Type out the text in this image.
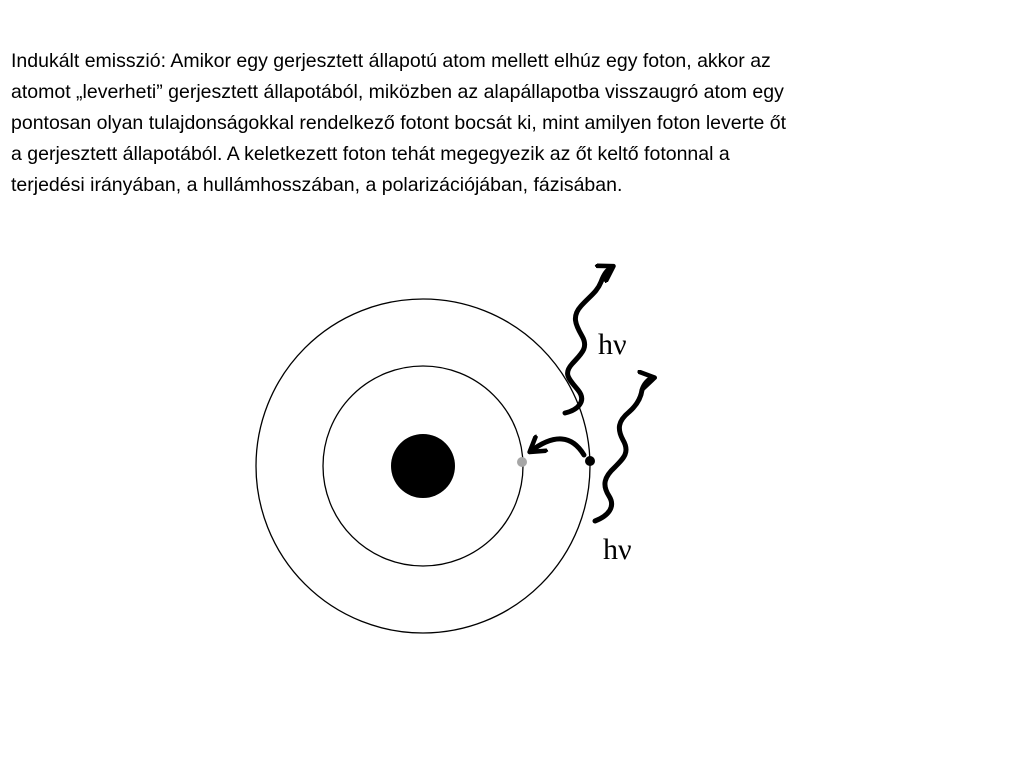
Indukált emisszió: Amikor egy gerjesztett állapotú atom mellett elhúz egy foton, akkor az
atomot „leverheti” gerjesztett állapotából, miközben az alapállapotba visszaugró atom egy
pontosan olyan tulajdonságokkal rendelkező fotont bocsát ki, mint amilyen foton leverte őt
a gerjesztett állapotából. A keletkezett foton tehát megegyezik az őt keltő fotonnal a
terjedési irányában, a hullámhosszában, a polarizációjában, fázisában.
hν
hν
